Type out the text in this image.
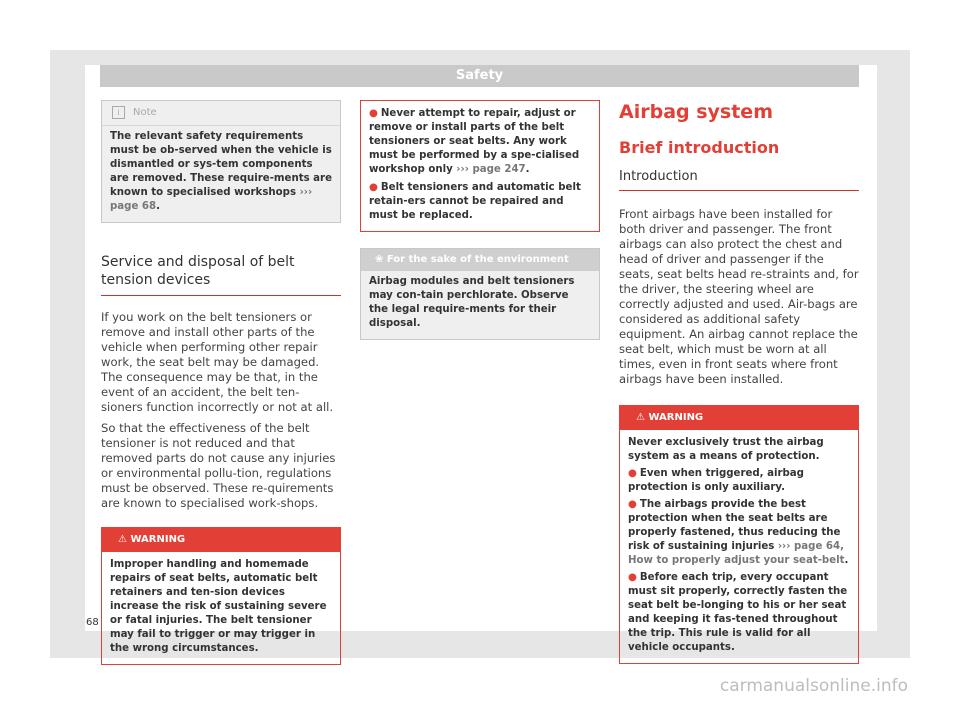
Safety
i Note
The relevant safety requirements must be ob-served when the vehicle is dismantled or sys-tem components are removed. These require-ments are known to specialised workshops ››› page 68.
Service and disposal of belt tension devices

If you work on the belt tensioners or remove and install other parts of the vehicle when performing other repair work, the seat belt may be damaged. The consequence may be that, in the event of an accident, the belt ten-sioners function incorrectly or not at all.

So that the effectiveness of the belt tensioner is not reduced and that removed parts do not cause any injuries or environmental pollu-tion, regulations must be observed. These re-quirements are known to specialised work-shops.

⚠ WARNING
Improper handling and homemade repairs of seat belts, automatic belt retainers and ten-sion devices increase the risk of sustaining severe or fatal injuries. The belt tensioner may fail to trigger or may trigger in the wrong circumstances.
● Never attempt to repair, adjust or remove or install parts of the belt tensioners or seat belts. Any work must be performed by a spe-cialised workshop only ››› page 247.
● Belt tensioners and automatic belt retain-ers cannot be repaired and must be replaced.
❀ For the sake of the environment
Airbag modules and belt tensioners may con-tain perchlorate. Observe the legal require-ments for their disposal.
Airbag system
Brief introduction
Introduction

Front airbags have been installed for both driver and passenger. The front airbags can also protect the chest and head of driver and passenger if the seats, seat belts head re-straints and, for the driver, the steering wheel are correctly adjusted and used. Air-bags are considered as additional safety equipment. An airbag cannot replace the seat belt, which must be worn at all times, even in front seats where front airbags have been installed.

⚠ WARNING
Never exclusively trust the airbag system as a means of protection.
● Even when triggered, airbag protection is only auxiliary.
● The airbags provide the best protection when the seat belts are properly fastened, thus reducing the risk of sustaining injuries ››› page 64, How to properly adjust your seat-belt.
● Before each trip, every occupant must sit properly, correctly fasten the seat belt be-longing to his or her seat and keeping it fas-tened throughout the trip. This rule is valid for all vehicle occupants.
68
carmanualsonline.info
